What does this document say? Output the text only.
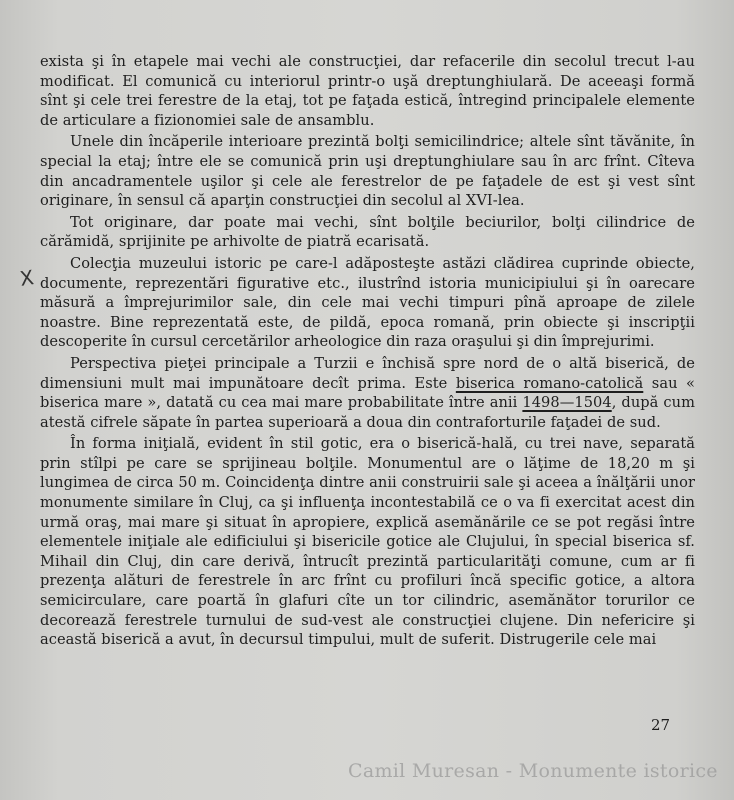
exista şi în etapele mai vechi ale construcţiei, dar refacerile din secolul trecut l-au modificat. El comunică cu interiorul printr-o uşă dreptunghiulară. De aceeaşi formă sînt şi cele trei ferestre de la etaj, tot pe faţada estică, întregind principalele elemente de articulare a fizionomiei sale de ansamblu.

Unele din încăperile interioare prezintă bolţi semicilindrice; altele sînt tăvănite, în special la etaj; între ele se comunică prin uşi dreptunghiulare sau în arc frînt. Cîteva din ancadramentele uşilor şi cele ale ferestrelor de pe faţadele de est şi vest sînt originare, în sensul că aparţin construcţiei din secolul al XVI-lea.

Tot originare, dar poate mai vechi, sînt bolţile beciurilor, bolţi cilindrice de cărămidă, sprijinite pe arhivolte de piatră ecarisată.

Colecţia muzeului istoric pe care-l adăposteşte astăzi clădirea cuprinde obiecte, documente, reprezentări figurative etc., ilustrînd istoria municipiului şi în oarecare măsură a împrejurimilor sale, din cele mai vechi timpuri pînă aproape de zilele noastre. Bine reprezentată este, de pildă, epoca romană, prin obiecte şi inscripţii descoperite în cursul cercetărilor arheologice din raza oraşului şi din împrejurimi.

Perspectiva pieţei principale a Turzii e închisă spre nord de o altă biserică, de dimensiuni mult mai impunătoare decît prima. Este biserica romano-catolică sau « biserica mare », datată cu cea mai mare probabilitate între anii 1498—1504, după cum atestă cifrele săpate în partea superioară a doua din contraforturile faţadei de sud.

În forma iniţială, evident în stil gotic, era o biserică-hală, cu trei nave, separată prin stîlpi pe care se sprijineau bolţile. Monumentul are o lăţime de 18,20 m şi lungimea de circa 50 m. Coincidenţa dintre anii construirii sale şi aceea a înălţării unor monumente similare în Cluj, ca şi influenţa incontestabilă ce o va fi exercitat acest din urmă oraş, mai mare şi situat în apropiere, explică asemănările ce se pot regăsi între elementele iniţiale ale edificiului şi bisericile gotice ale Clujului, în special biserica sf. Mihail din Cluj, din care derivă, întrucît prezintă particularităţi comune, cum ar fi prezenţa alături de ferestrele în arc frînt cu profiluri încă specific gotice, a altora semicirculare, care poartă în glafuri cîte un tor cilindric, asemănător torurilor ce decorează ferestrele turnului de sud-vest ale construcţiei clujene. Din nefericire şi această biserică a avut, în decursul timpului, mult de suferit. Distrugerile cele mai

X
27
Camil Muresan - Monumente istorice
